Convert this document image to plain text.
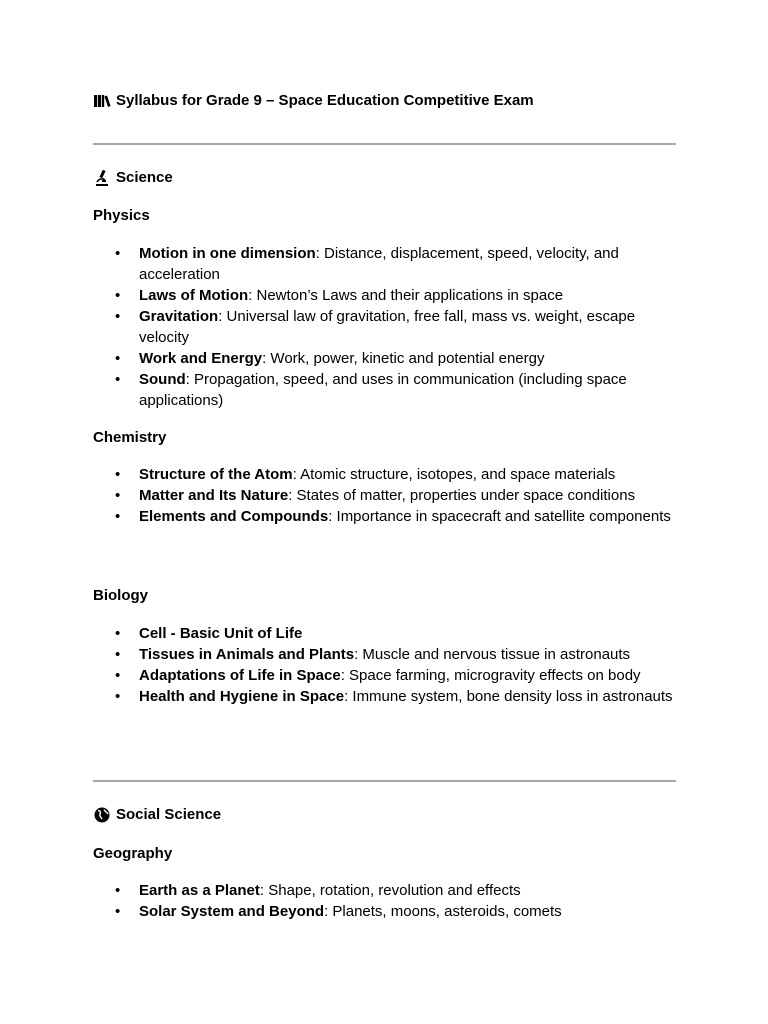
Syllabus for Grade 9 – Space Education Competitive Exam
Science
Physics
• Motion in one dimension: Distance, displacement, speed, velocity, and acceleration
• Laws of Motion: Newton’s Laws and their applications in space
• Gravitation: Universal law of gravitation, free fall, mass vs. weight, escape velocity
• Work and Energy: Work, power, kinetic and potential energy
• Sound: Propagation, speed, and uses in communication (including space applications)
Chemistry
• Structure of the Atom: Atomic structure, isotopes, and space materials
• Matter and Its Nature: States of matter, properties under space conditions
• Elements and Compounds: Importance in spacecraft and satellite components
Biology
• Cell - Basic Unit of Life
• Tissues in Animals and Plants: Muscle and nervous tissue in astronauts
• Adaptations of Life in Space: Space farming, microgravity effects on body
• Health and Hygiene in Space: Immune system, bone density loss in astronauts
Social Science
Geography
• Earth as a Planet: Shape, rotation, revolution and effects
• Solar System and Beyond: Planets, moons, asteroids, comets
